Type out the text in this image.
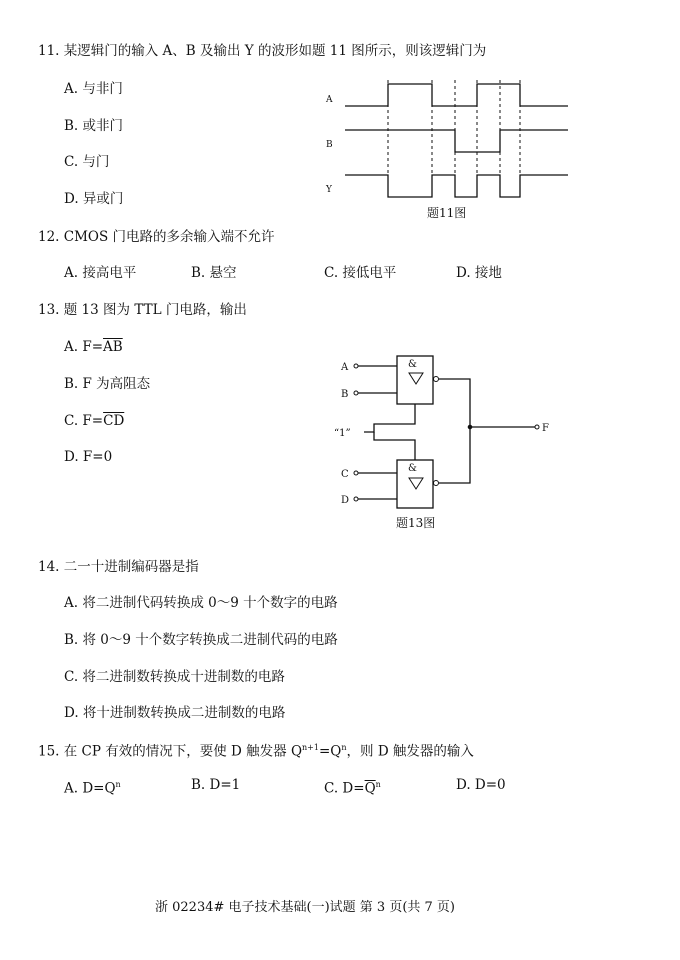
11. 某逻辑门的输入 A、B 及输出 Y 的波形如题 11 图所示，则该逻辑门为
A. 与非门
B. 或非门
C. 与门
D. 异或门
A
B
Y
题11图
12. CMOS 门电路的多余输入端不允许
A. 接高电平	B. 悬空	C. 接低电平	D. 接地
13. 题 13 图为 TTL 门电路，输出
A. $F=\overline{AB}$
B. F 为高阻态
C. $F=\overline{CD}$
D. F=0
A
B
C
D
“1”
&
&
F
题13图
14. 二一十进制编码器是指
A. 将二进制代码转换成 0～9 十个数字的电路
B. 将 0～9 十个数字转换成二进制代码的电路
C. 将二进制数转换成十进制数的电路
D. 将十进制数转换成二进制数的电路
15. 在 CP 有效的情况下，要使 D 触发器 $Q^{n+1}=Q^n$，则 D 触发器的输入
A. $D=Q^n$	B. D=1	C. $D=\overline{Q}^n$	D. D=0
浙 02234# 电子技术基础(一)试题 第 3 页(共 7 页)
